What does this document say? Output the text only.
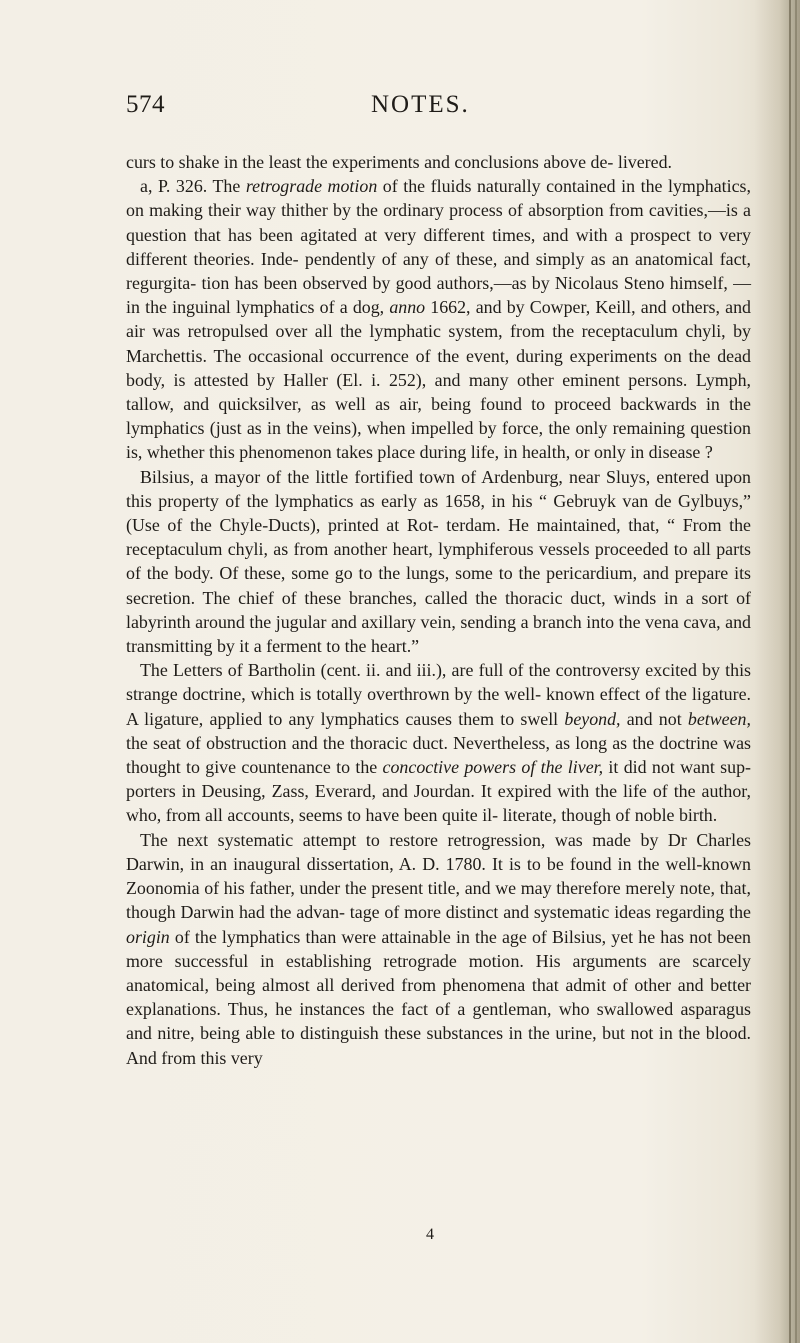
574	NOTES.

curs to shake in the least the experiments and conclusions above de- livered.

a, P. 326. The retrograde motion of the fluids naturally contained in the lymphatics, on making their way thither by the ordinary process of absorption from cavities,—is a question that has been agitated at very different times, and with a prospect to very different theories. Inde- pendently of any of these, and simply as an anatomical fact, regurgita- tion has been observed by good authors,—as by Nicolaus Steno himself, —in the inguinal lymphatics of a dog, anno 1662, and by Cowper, Keill, and others, and air was retropulsed over all the lymphatic system, from the receptaculum chyli, by Marchettis. The occasional occurrence of the event, during experiments on the dead body, is attested by Haller (El. i. 252), and many other eminent persons. Lymph, tallow, and quicksilver, as well as air, being found to proceed backwards in the lymphatics (just as in the veins), when impelled by force, the only remaining question is, whether this phenomenon takes place during life, in health, or only in disease ?

Bilsius, a mayor of the little fortified town of Ardenburg, near Sluys, entered upon this property of the lymphatics as early as 1658, in his “ Gebruyk van de Gylbuys,” (Use of the Chyle-Ducts), printed at Rot- terdam. He maintained, that, “ From the receptaculum chyli, as from another heart, lymphiferous vessels proceeded to all parts of the body. Of these, some go to the lungs, some to the pericardium, and prepare its secretion. The chief of these branches, called the thoracic duct, winds in a sort of labyrinth around the jugular and axillary vein, sending a branch into the vena cava, and transmitting by it a ferment to the heart.”

The Letters of Bartholin (cent. ii. and iii.), are full of the controversy excited by this strange doctrine, which is totally overthrown by the well- known effect of the ligature. A ligature, applied to any lymphatics causes them to swell beyond, and not between, the seat of obstruction and the thoracic duct. Nevertheless, as long as the doctrine was thought to give countenance to the concoctive powers of the liver, it did not want sup- porters in Deusing, Zass, Everard, and Jourdan. It expired with the life of the author, who, from all accounts, seems to have been quite il- literate, though of noble birth.

The next systematic attempt to restore retrogression, was made by Dr Charles Darwin, in an inaugural dissertation, A. D. 1780. It is to be found in the well-known Zoonomia of his father, under the present title, and we may therefore merely note, that, though Darwin had the advan- tage of more distinct and systematic ideas regarding the origin of the lymphatics than were attainable in the age of Bilsius, yet he has not been more successful in establishing retrograde motion. His arguments are scarcely anatomical, being almost all derived from phenomena that admit of other and better explanations. Thus, he instances the fact of a gentleman, who swallowed asparagus and nitre, being able to distinguish these substances in the urine, but not in the blood. And from this very

4
